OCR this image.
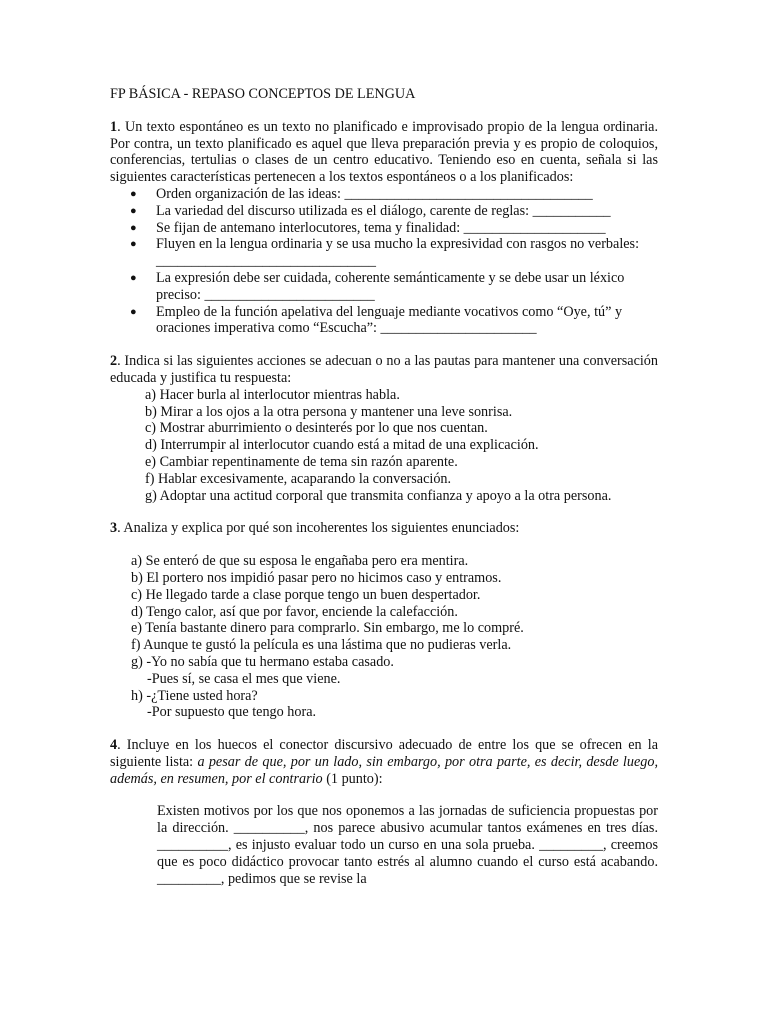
FP BÁSICA - REPASO CONCEPTOS DE LENGUA

1. Un texto espontáneo es un texto no planificado e improvisado propio de la lengua ordinaria. Por contra, un texto planificado es aquel que lleva preparación previa y es propio de coloquios, conferencias, tertulias o clases de un centro educativo. Teniendo eso en cuenta, señala si las siguientes características pertenecen a los textos espontáneos o a los planificados:

● Orden organización de las ideas: ___________________________________
● La variedad del discurso utilizada es el diálogo, carente de reglas: ___________
● Se fijan de antemano interlocutores, tema y finalidad: ____________________
● Fluyen en la lengua ordinaria y se usa mucho la expresividad con rasgos no verbales: _______________________________
● La expresión debe ser cuidada, coherente semánticamente y se debe usar un léxico preciso: ________________________
● Empleo de la función apelativa del lenguaje mediante vocativos como “Oye, tú” y oraciones imperativa como “Escucha”: ______________________

2. Indica si las siguientes acciones se adecuan o no a las pautas para mantener una conversación educada y justifica tu respuesta:

a) Hacer burla al interlocutor mientras habla.
b) Mirar a los ojos a la otra persona y mantener una leve sonrisa.
c) Mostrar aburrimiento o desinterés por lo que nos cuentan.
d) Interrumpir al interlocutor cuando está a mitad de una explicación.
e) Cambiar repentinamente de tema sin razón aparente.
f) Hablar excesivamente, acaparando la conversación.
g) Adoptar una actitud corporal que transmita confianza y apoyo a la otra persona.

3. Analiza y explica por qué son incoherentes los siguientes enunciados:

a) Se enteró de que su esposa le engañaba pero era mentira.
b) El portero nos impidió pasar pero no hicimos caso y entramos.
c) He llegado tarde a clase porque tengo un buen despertador.
d) Tengo calor, así que por favor, enciende la calefacción.
e) Tenía bastante dinero para comprarlo. Sin embargo, me lo compré.
f) Aunque te gustó la película es una lástima que no pudieras verla.
g) -Yo no sabía que tu hermano estaba casado.
-Pues sí, se casa el mes que viene.
h) -¿Tiene usted hora?
-Por supuesto que tengo hora.

4. Incluye en los huecos el conector discursivo adecuado de entre los que se ofrecen en la siguiente lista: a pesar de que, por un lado, sin embargo, por otra parte, es decir, desde luego, además, en resumen, por el contrario (1 punto):

Existen motivos por los que nos oponemos a las jornadas de suficiencia propuestas por la dirección. __________, nos parece abusivo acumular tantos exámenes en tres días. __________, es injusto evaluar todo un curso en una sola prueba. _________, creemos que es poco didáctico provocar tanto estrés al alumno cuando el curso está acabando. _________, pedimos que se revise la
